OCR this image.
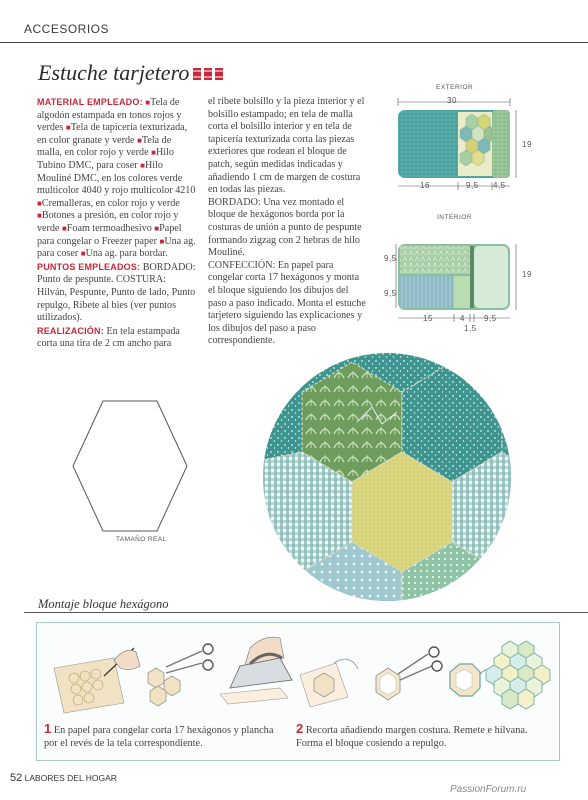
ACCESORIOS
Estuche tarjetero
MATERIAL EMPLEADO: ■Tela de algodón estampada en tonos rojos y verdes ■Tela de tapicería texturizada, en color granate y verde ■Tela de malla, en color rojo y verde ■Hilo Tubino DMC, para coser ■Hilo Mouliné DMC, en los colores verde multicolor 4040 y rojo multicolor 4210 ■Cremalleras, en color rojo y verde ■Botones a presión, en color rojo y verde ■Foam termoadhesivo ■Papel para congelar o Freezer paper ■Una ag. para coser ■Una ag. para bordar.
PUNTOS EMPLEADOS: BORDADO: Punto de pespunte. COSTURA: Hilván, Pespunte, Punto de lado, Punto repulgo, Ribete al bies (ver puntos utilizados).
REALIZACIÓN: En tela estampada corta una tira de 2 cm ancho para
el ribete bolsillo y la pieza interior y el bolsillo estampado; en tela de malla corta el bolsillo interior y en tela de tapicería texturizada corta las piezas exteriores que rodean el bloque de patch, según medidas indicadas y añadiendo 1 cm de margen de costura en todas las piezas.
BORDADO: Una vez montado el bloque de hexágonos borda por la costuras de unión a punto de pespunte formando zigzag con 2 hebras de hilo Mouliné.
CONFECCIÓN: En papel para congelar corta 17 hexágonos y monta el bloque siguiendo los dibujos del paso a paso indicado. Monta el estuche tarjetero siguiendo las explicaciones y los dibujos del paso a paso correspondiente.
EXTERIOR
30
19
16	9,5 4,5
INTERIOR
9,5
9,5
19
15	4
1,5
9,5
TAMAÑO REAL
Montaje bloque hexágono
1 En papel para congelar corta 17 hexágonos y plancha por el revés de la tela correspondiente.
2 Recorta añadiendo margen costura. Remete e hilvana. Forma el bloque cosiendo a repulgo.
52 LABORES DEL HOGAR
PassionForum.ru
